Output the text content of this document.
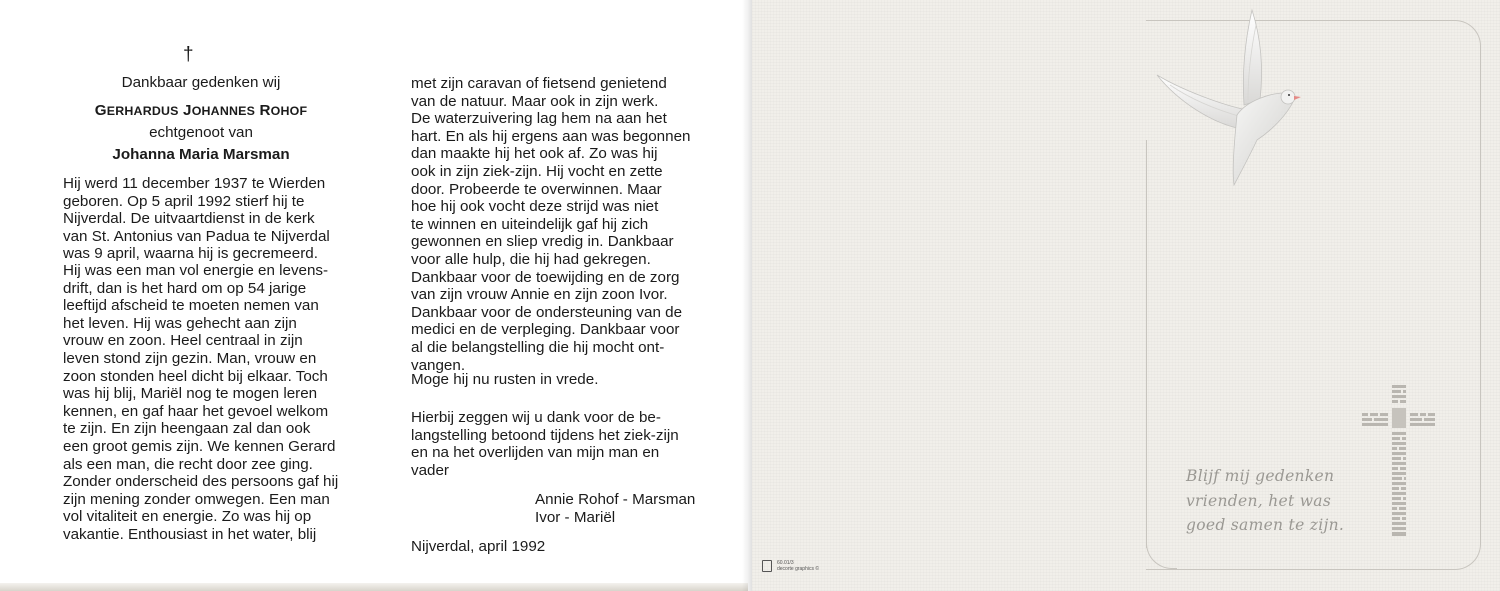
†

Dankbaar gedenken wij

GERHARDUS JOHANNES ROHOF

echtgenoot van

Johanna Maria Marsman

Hij werd 11 december 1937 te Wierden

geboren. Op 5 april 1992 stierf hij te

Nijverdal. De uitvaartdienst in de kerk

van St. Antonius van Padua te Nijverdal

was 9 april, waarna hij is gecremeerd.

Hij was een man vol energie en levens-

drift, dan is het hard om op 54 jarige

leeftijd afscheid te moeten nemen van

het leven. Hij was gehecht aan zijn

vrouw en zoon. Heel centraal in zijn

leven stond zijn gezin. Man, vrouw en

zoon stonden heel dicht bij elkaar. Toch

was hij blij, Mariël nog te mogen leren

kennen, en gaf haar het gevoel welkom

te zijn. En zijn heengaan zal dan ook

een groot gemis zijn. We kennen Gerard

als een man, die recht door zee ging.

Zonder onderscheid des persoons gaf hij

zijn mening zonder omwegen. Een man

vol vitaliteit en energie. Zo was hij op

vakantie. Enthousiast in het water, blij

met zijn caravan of fietsend genietend

van de natuur. Maar ook in zijn werk.

De waterzuivering lag hem na aan het

hart. En als hij ergens aan was begonnen

dan maakte hij het ook af. Zo was hij

ook in zijn ziek-zijn. Hij vocht en zette

door. Probeerde te overwinnen. Maar

hoe hij ook vocht deze strijd was niet

te winnen en uiteindelijk gaf hij zich

gewonnen en sliep vredig in. Dankbaar

voor alle hulp, die hij had gekregen.

Dankbaar voor de toewijding en de zorg

van zijn vrouw Annie en zijn zoon Ivor.

Dankbaar voor de ondersteuning van de

medici en de verpleging. Dankbaar voor

al die belangstelling die hij mocht ont-

vangen.

Moge hij nu rusten in vrede.

Hierbij zeggen wij u dank voor de be-

langstelling betoond tijdens het ziek-zijn

en na het overlijden van mijn man en

vader

Annie Rohof - Marsman

Ivor - Mariël

Nijverdal, april 1992

Blijf mij gedenken
vrienden, het was
goed samen te zijn.
60.01/3
decorte graphics ©
